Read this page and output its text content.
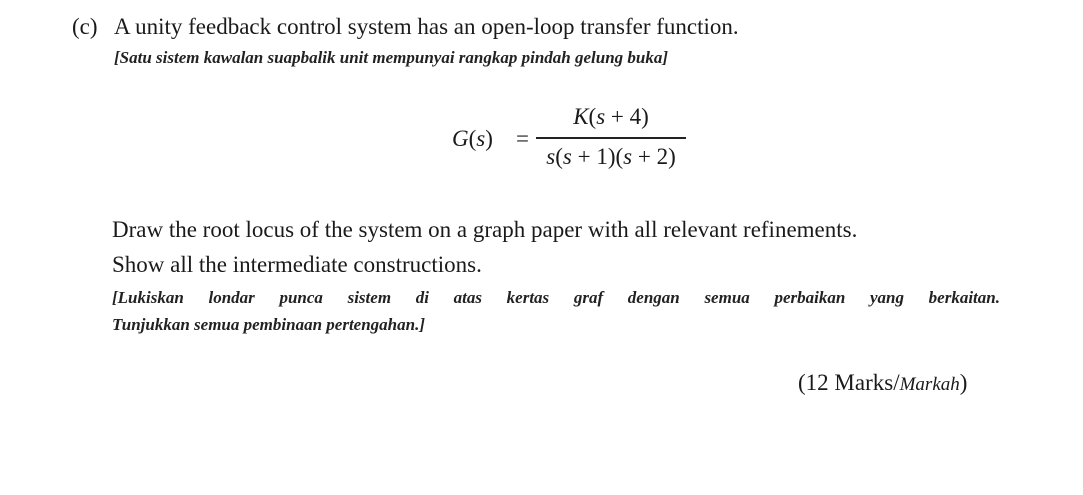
(c) A unity feedback control system has an open-loop transfer function.
[Satu sistem kawalan suapbalik unit mempunyai rangkap pindah gelung buka]
G(s) =
K(s + 4)
s(s + 1)(s + 2)
Draw the root locus of the system on a graph paper with all relevant refinements.
Show all the intermediate constructions.
[Lukiskan londar punca sistem di atas kertas graf dengan semua perbaikan yang berkaitan.
Tunjukkan semua pembinaan pertengahan.]
(12 Marks/Markah)
